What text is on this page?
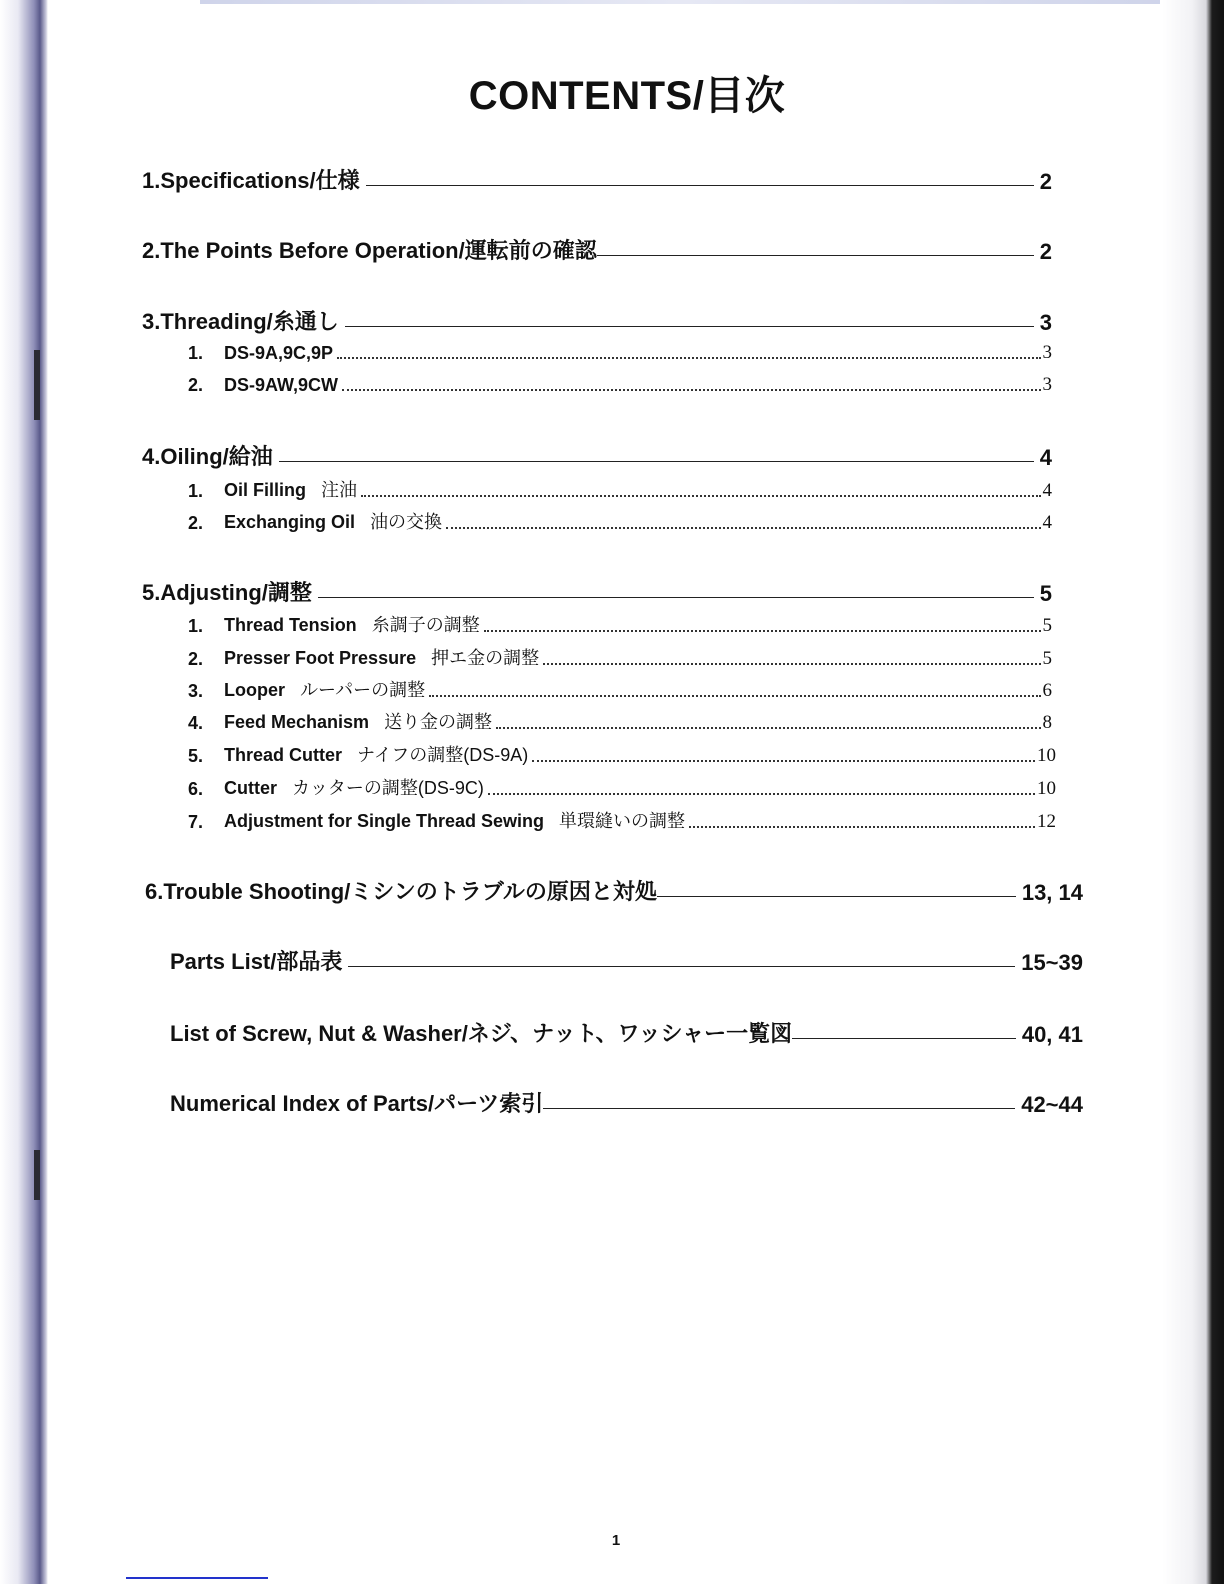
CONTENTS/目次
1.Specifications/仕様	2
2.The Points Before Operation/運転前の確認	2
3.Threading/糸通し	3
1.	DS-9A,9C,9P	3
2.	DS-9AW,9CW	3
4.Oiling/給油	4
1.	Oil Filling 注油	4
2.	Exchanging Oil 油の交換	4
5.Adjusting/調整	5
1.	Thread Tension 糸調子の調整	5
2.	Presser Foot Pressure 押エ金の調整	5
3.	Looper ルーパーの調整	6
4.	Feed Mechanism 送り金の調整	8
5.	Thread Cutter ナイフの調整(DS-9A)	10
6.	Cutter カッターの調整(DS-9C)	10
7.	Adjustment for Single Thread Sewing 単環縫いの調整	12
6.Trouble Shooting/ミシンのトラブルの原因と対処	13, 14
Parts List/部品表	15~39
List of Screw, Nut & Washer/ネジ、ナット、ワッシャー一覧図	40, 41
Numerical Index of Parts/パーツ索引	42~44
1
